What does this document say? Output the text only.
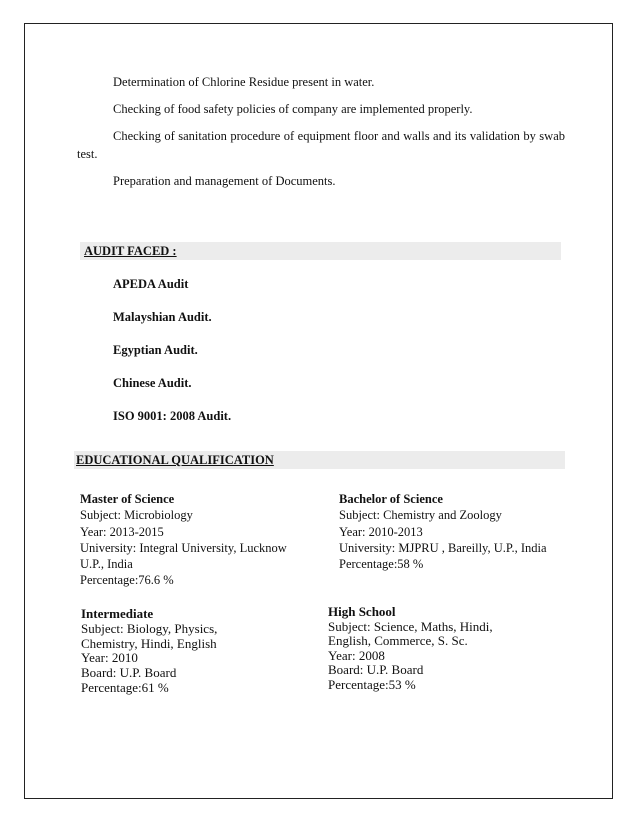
Determination of Chlorine Residue present in water.
Checking of food safety policies of company are implemented properly.
Checking of sanitation procedure of equipment floor and walls and its validation by swab
test.
Preparation and management of Documents.
AUDIT FACED :
APEDA Audit
Malayshian Audit.
Egyptian Audit.
Chinese Audit.
ISO 9001: 2008 Audit.
EDUCATIONAL QUALIFICATION
Master of Science
Subject: Microbiology
Year: 2013-2015
University: Integral University, Lucknow
U.P., India
Percentage:76.6 %
Bachelor of Science
Subject: Chemistry and Zoology
Year: 2010-2013
University: MJPRU , Bareilly, U.P., India
Percentage:58 %
Intermediate
Subject: Biology, Physics,
Chemistry, Hindi, English
Year: 2010
Board: U.P. Board
Percentage:61 %
High School
Subject: Science, Maths, Hindi,
English, Commerce, S. Sc.
Year: 2008
Board: U.P. Board
Percentage:53 %
